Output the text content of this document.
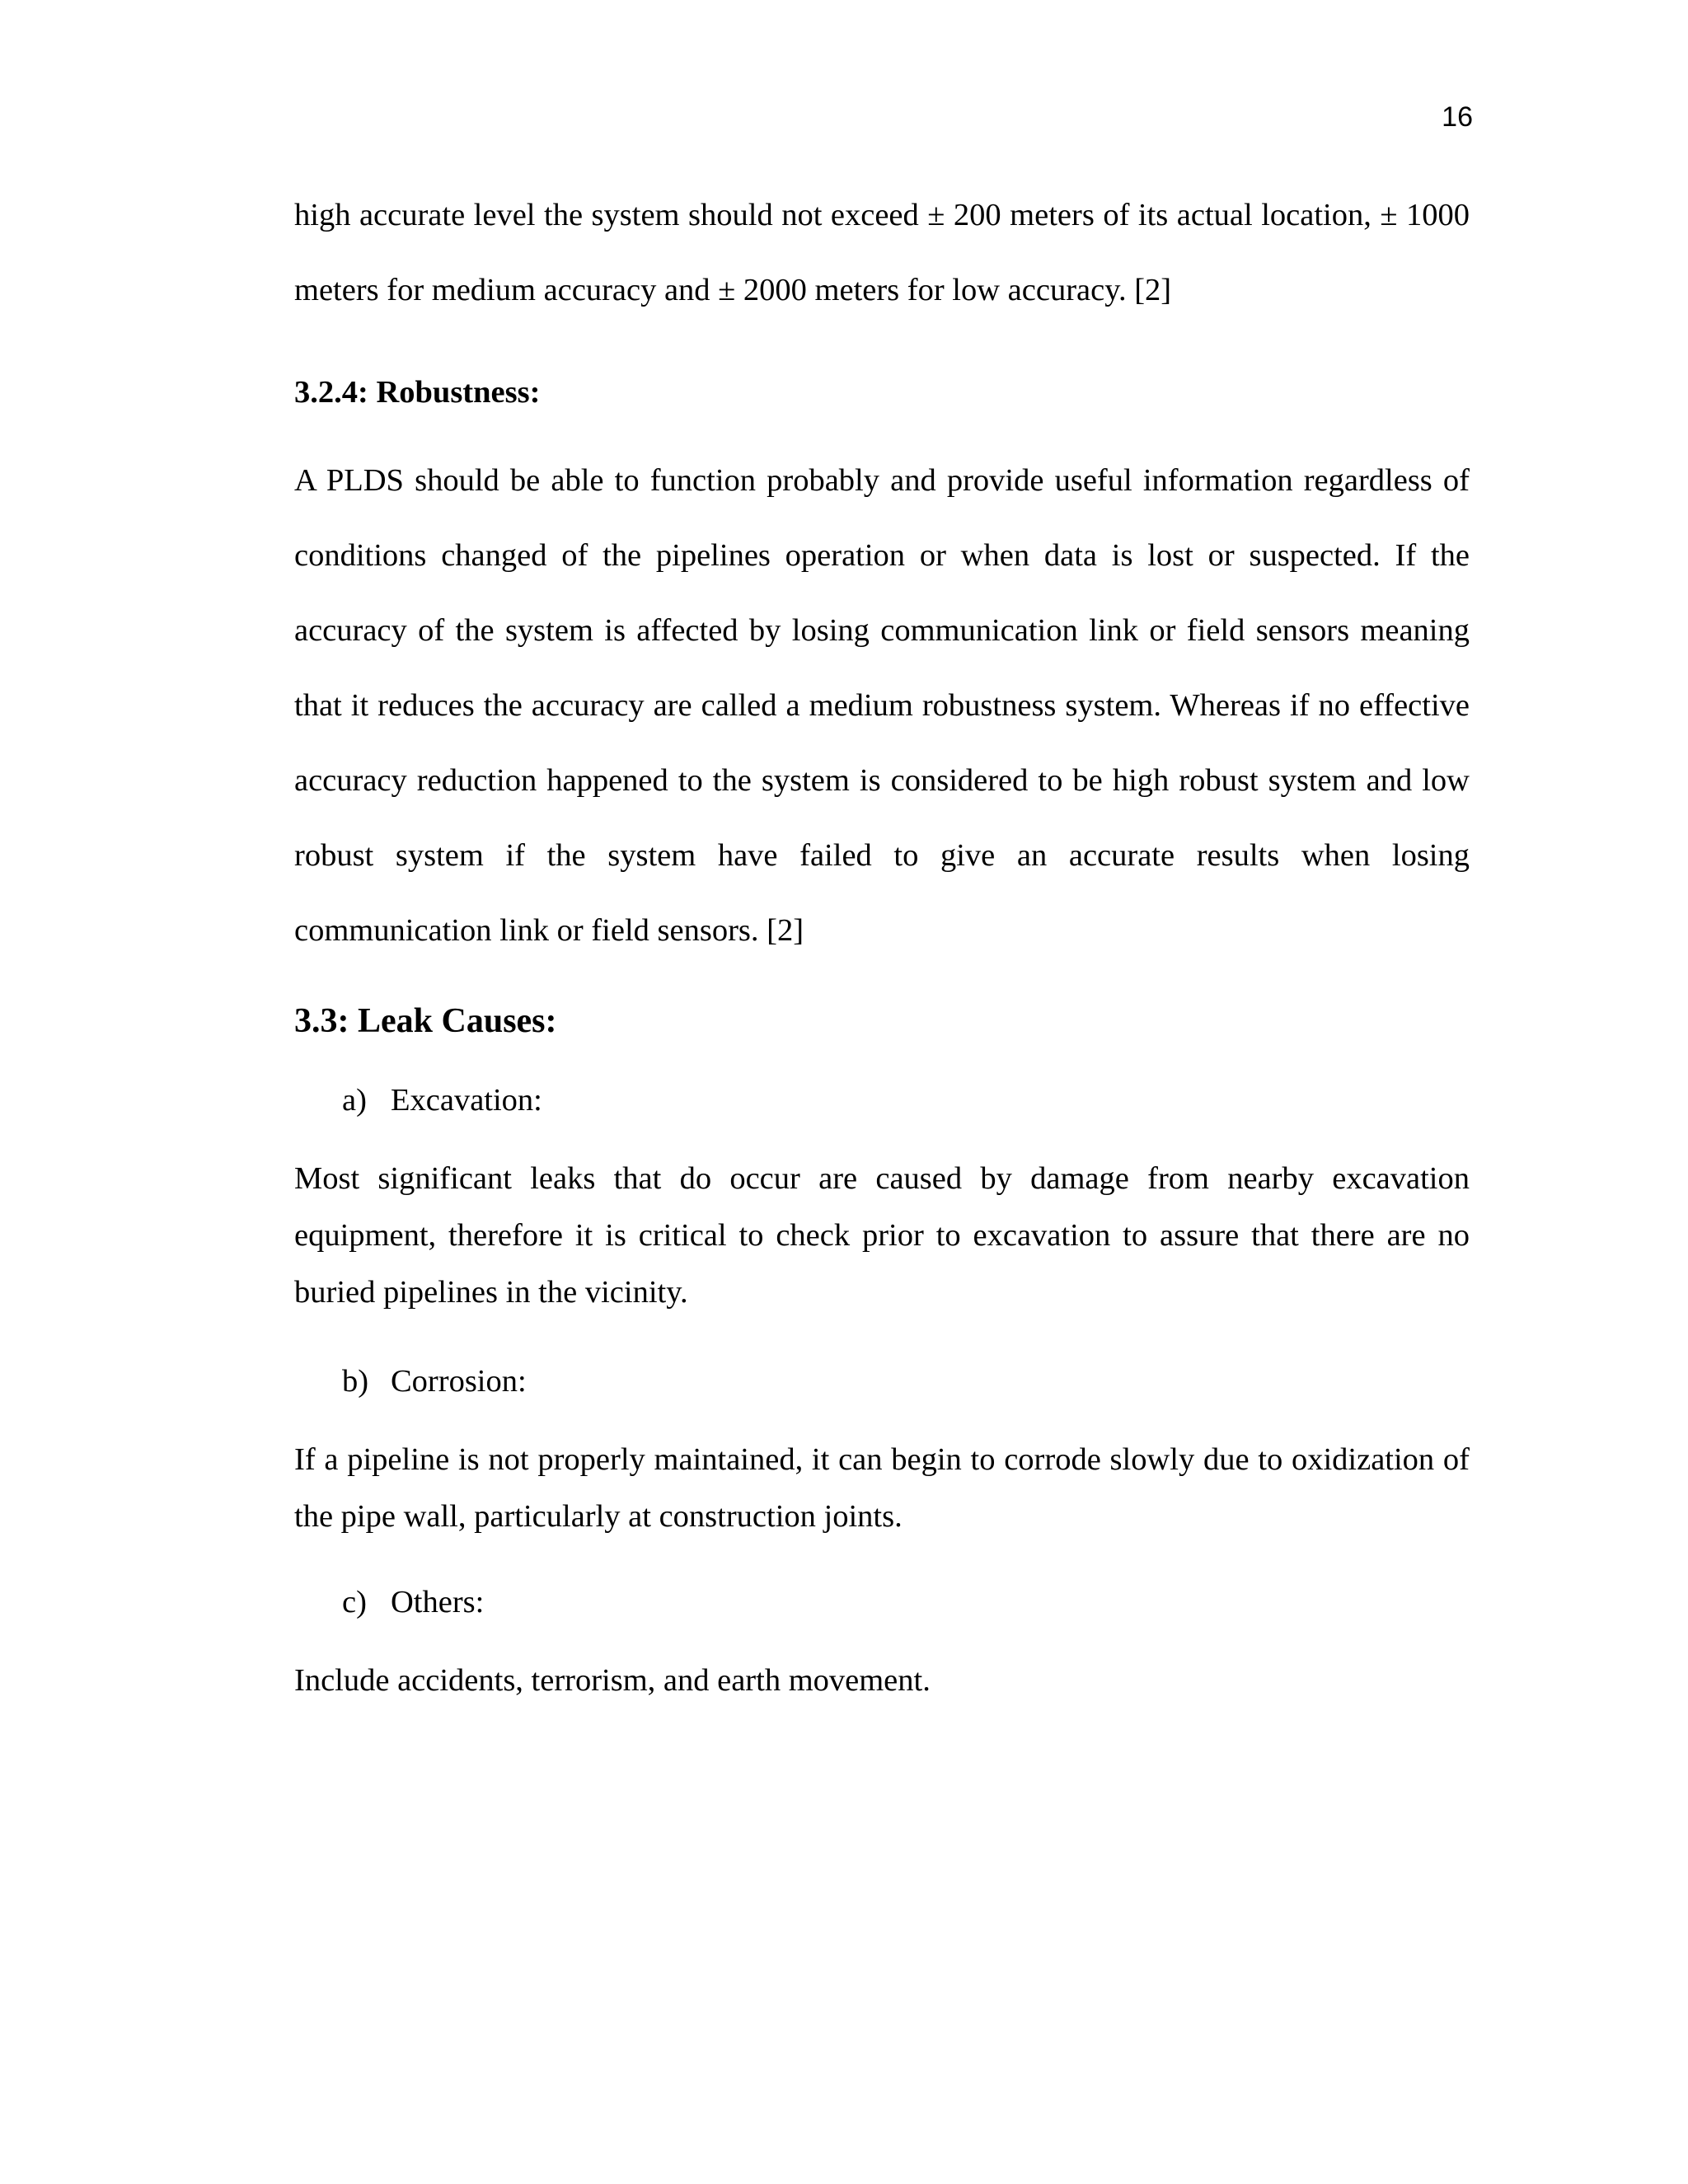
16

high accurate level the system should not exceed ± 200 meters of its actual location, ± 1000 meters for medium accuracy and ± 2000 meters for low accuracy. [2]

3.2.4: Robustness:

A PLDS should be able to function probably and provide useful information regardless of conditions changed of the pipelines operation or when data is lost or suspected. If the accuracy of the system is affected by losing communication link or field sensors meaning that it reduces the accuracy are called a medium robustness system. Whereas if no effective accuracy reduction happened to the system is considered to be high robust system and low robust system if the system have failed to give an accurate results when losing communication link or field sensors. [2]

3.3: Leak Causes:
a) Excavation:

Most significant leaks that do occur are caused by damage from nearby excavation equipment, therefore it is critical to check prior to excavation to assure that there are no buried pipelines in the vicinity.

b) Corrosion:

If a pipeline is not properly maintained, it can begin to corrode slowly due to oxidization of the pipe wall, particularly at construction joints.

c) Others:

Include accidents, terrorism, and earth movement.
